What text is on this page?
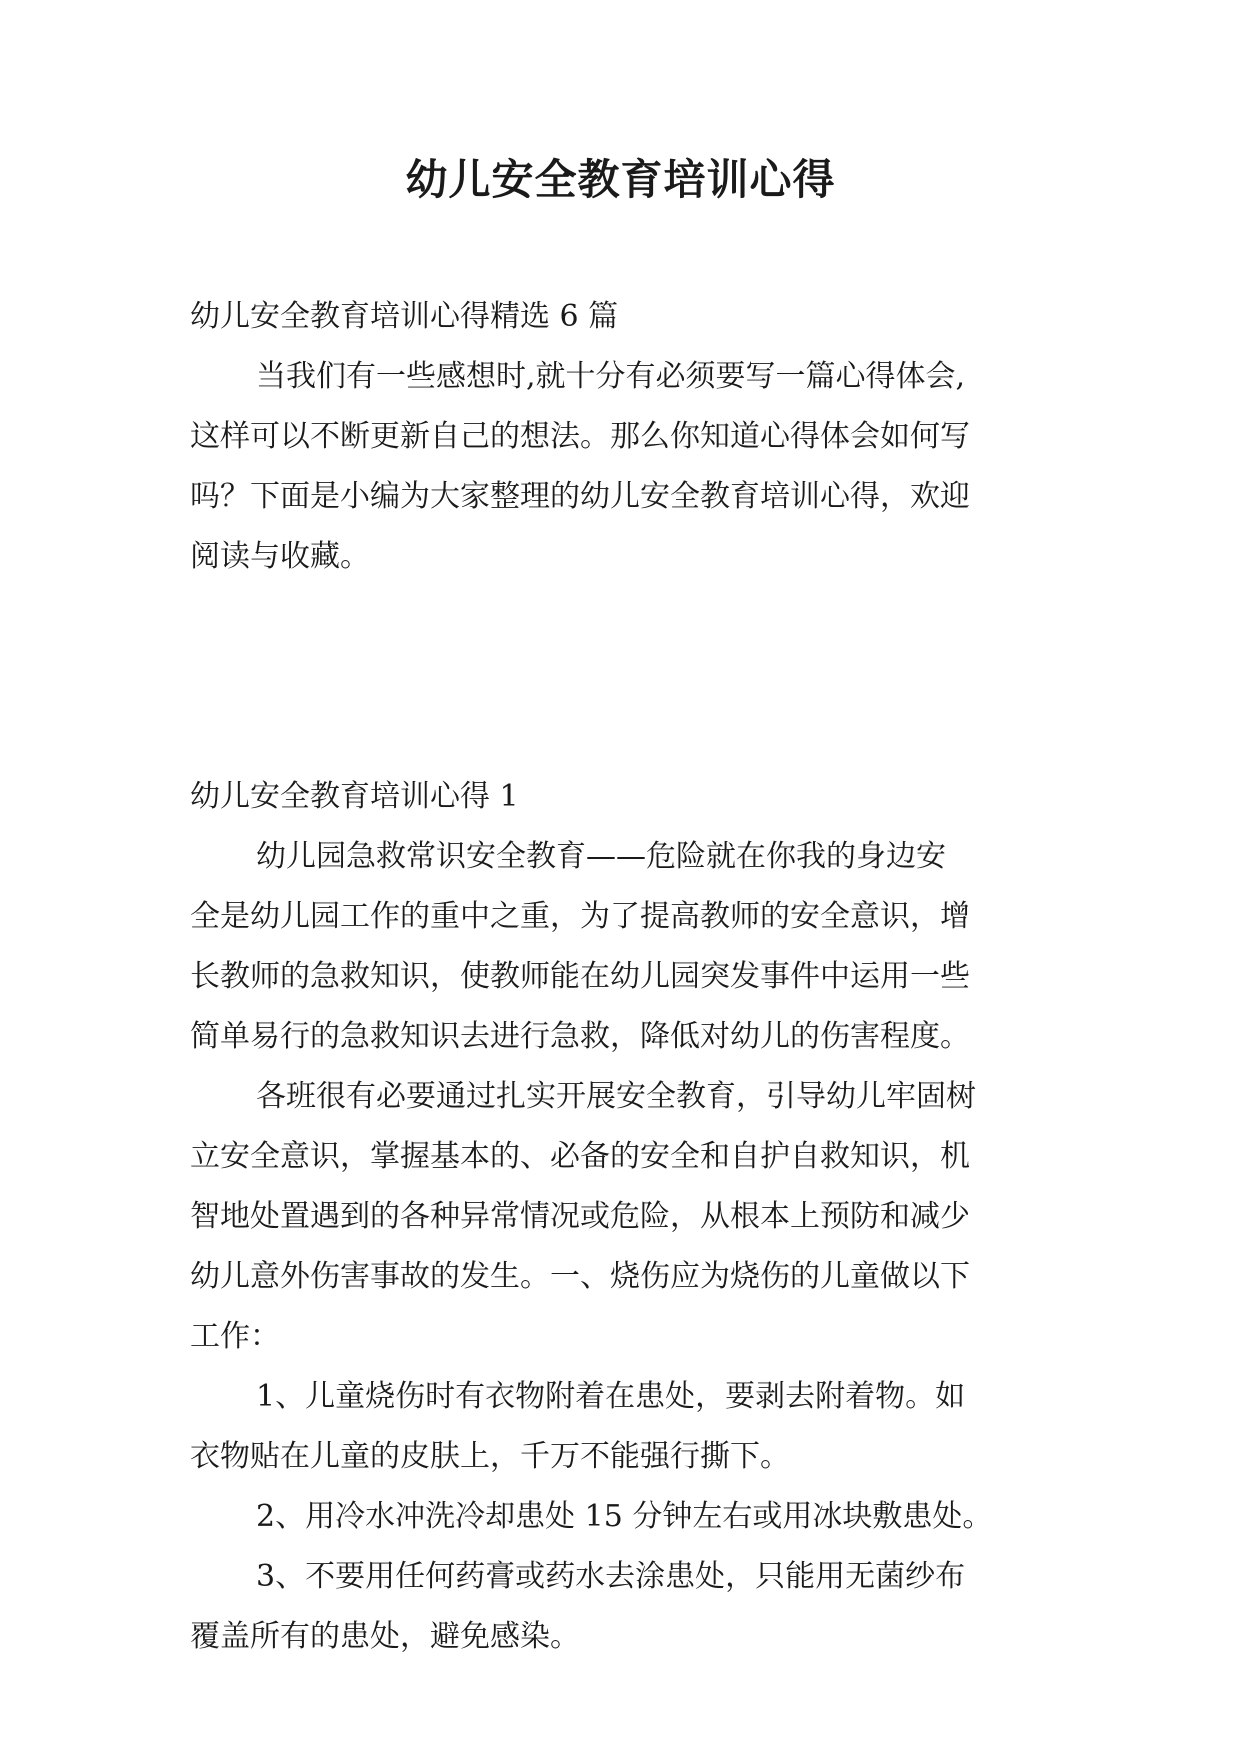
幼儿安全教育培训心得
幼儿安全教育培训心得精选 6 篇
当我们有一些感想时,就十分有必须要写一篇心得体会,
这样可以不断更新自己的想法。那么你知道心得体会如何写
吗？下面是小编为大家整理的幼儿安全教育培训心得，欢迎
阅读与收藏。
幼儿安全教育培训心得 1
幼儿园急救常识安全教育——危险就在你我的身边安
全是幼儿园工作的重中之重，为了提高教师的安全意识，增
长教师的急救知识，使教师能在幼儿园突发事件中运用一些
简单易行的急救知识去进行急救，降低对幼儿的伤害程度。
各班很有必要通过扎实开展安全教育，引导幼儿牢固树
立安全意识，掌握基本的、必备的安全和自护自救知识，机
智地处置遇到的各种异常情况或危险，从根本上预防和减少
幼儿意外伤害事故的发生。一、烧伤应为烧伤的儿童做以下
工作：
1、儿童烧伤时有衣物附着在患处，要剥去附着物。如
衣物贴在儿童的皮肤上，千万不能强行撕下。
2、用冷水冲洗冷却患处 15 分钟左右或用冰块敷患处。
3、不要用任何药膏或药水去涂患处，只能用无菌纱布
覆盖所有的患处，避免感染。
